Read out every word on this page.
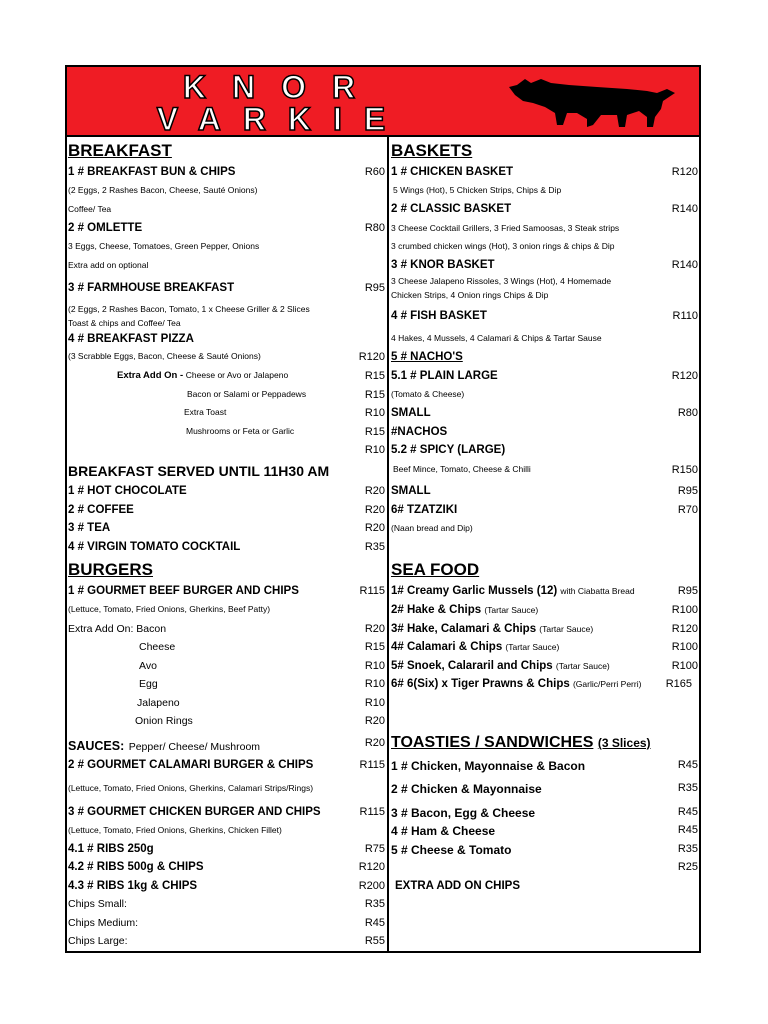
KNOR
VARKIE
BREAKFAST
1 # BREAKFAST BUN & CHIPS	R60
(2 Eggs, 2 Rashes Bacon, Cheese, Sauté Onions)
Coffee/ Tea
2 # OMLETTE	R80
3 Eggs, Cheese, Tomatoes, Green Pepper, Onions
Extra add on optional
3 # FARMHOUSE BREAKFAST	R95
(2 Eggs, 2 Rashes Bacon, Tomato, 1 x Cheese Griller & 2 Slices
Toast & chips and Coffee/ Tea
4 # BREAKFAST PIZZA
(3 Scrabble Eggs, Bacon, Cheese & Sauté Onions)	R120
Extra Add On - Cheese or Avo or Jalapeno	R15
Bacon or Salami or Peppadews	R15
Extra Toast	R10
Mushrooms or Feta or Garlic	R15
R10
BREAKFAST SERVED UNTIL 11H30 AM
1 # HOT CHOCOLATE	R20
2 # COFFEE	R20
3 # TEA	R20
4 # VIRGIN TOMATO COCKTAIL	R35
BURGERS
1 # GOURMET BEEF BURGER AND CHIPS	R115
(Lettuce, Tomato, Fried Onions, Gherkins, Beef Patty)
Extra Add On: Bacon	R20
Cheese	R15
Avo	R10
Egg	R10
Jalapeno	R10
Onion Rings	R20
SAUCES: Pepper/ Cheese/ Mushroom	R20
2 # GOURMET CALAMARI BURGER & CHIPS	R115
(Lettuce, Tomato, Fried Onions, Gherkins, Calamari Strips/Rings)
3 # GOURMET CHICKEN BURGER AND CHIPS	R115
(Lettuce, Tomato, Fried Onions, Gherkins, Chicken Fillet)
4.1 # RIBS 250g	R75
4.2 # RIBS 500g & CHIPS	R120
4.3 # RIBS 1kg & CHIPS	R200
Chips Small:	R35
Chips Medium:	R45
Chips Large:	R55
BASKETS
1 # CHICKEN BASKET	R120
5 Wings (Hot), 5 Chicken Strips, Chips & Dip
2 # CLASSIC BASKET	R140
3 Cheese Cocktail Grillers, 3 Fried Samoosas, 3 Steak strips
3 crumbed chicken wings (Hot), 3 onion rings & chips & Dip
3 # KNOR BASKET	R140
3 Cheese Jalapeno Rissoles, 3 Wings (Hot), 4 Homemade
Chicken Strips, 4 Onion rings Chips & Dip
4 # FISH BASKET	R110
4 Hakes, 4 Mussels, 4 Calamari & Chips & Tartar Sause
5 # NACHO'S
5.1 # PLAIN LARGE	R120
(Tomato & Cheese)
SMALL	R80
#NACHOS
5.2 # SPICY (LARGE)
Beef Mince, Tomato, Cheese & Chilli	R150
SMALL	R95
6# TZATZIKI	R70
(Naan bread and Dip)
SEA FOOD
1# Creamy Garlic Mussels (12) with Ciabatta Bread	R95
2# Hake & Chips (Tartar Sauce)	R100
3# Hake, Calamari & Chips (Tartar Sauce)	R120
4# Calamari & Chips (Tartar Sauce)	R100
5# Snoek, Calararil and Chips (Tartar Sauce)	R100
6# 6(Six) x Tiger Prawns & Chips (Garlic/Perri Perri) R165
TOASTIES / SANDWICHES (3 Slices)
1 # Chicken, Mayonnaise & Bacon	R45
2 # Chicken & Mayonnaise	R35
3 # Bacon, Egg & Cheese	R45
4 # Ham & Cheese	R45
5 # Cheese & Tomato	R35
R25
EXTRA ADD ON CHIPS
